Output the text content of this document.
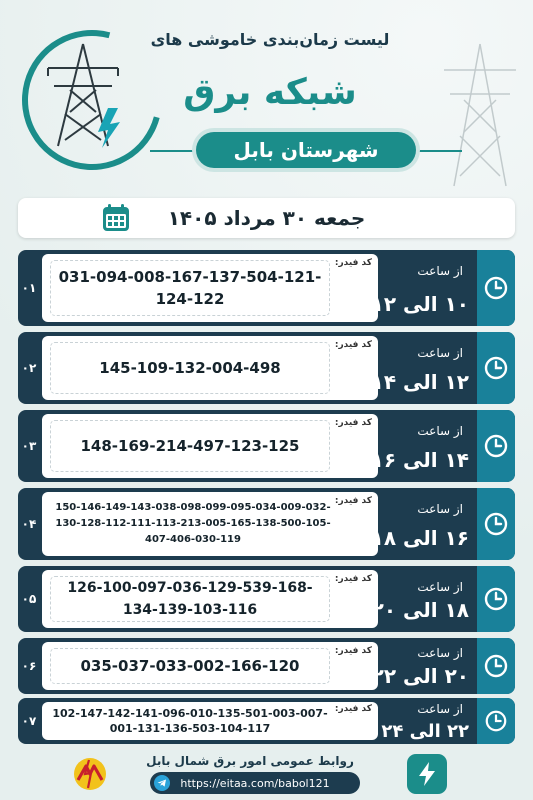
لیست زمان‌بندی خاموشی های
شبکه برق
شهرستان بابل
جمعه ۳۰ مرداد ۱۴۰۵
۰۱
031-094-008-167-137-504-121-124-122
کد فیدر:
از ساعت
۱۰ الی ۱۲
۰۲	145-109-132-004-498
کد فیدر:
از ساعت
۱۲ الی ۱۴
۰۳	148-169-214-497-123-125
کد فیدر:
از ساعت
۱۴ الی ۱۶
۰۴
150-146-149-143-038-098-099-095-034-009-032-130-128-112-111-113-213-005-165-138-500-105-407-406-030-119
کد فیدر:
از ساعت
۱۶ الی ۱۸
۰۵
126-100-097-036-129-539-168-134-139-103-116
کد فیدر:
از ساعت
۱۸ الی ۲۰
۰۶	035-037-033-002-166-120
کد فیدر:	از ساعت
۲۰ الی ۲۲
۰۷
102-147-142-141-096-010-135-501-003-007-001-131-136-503-104-117
کد فیدر:	از ساعت
۲۲ الی ۲۴
روابط عمومی امور برق شمال بابل
https://eitaa.com/babol121
